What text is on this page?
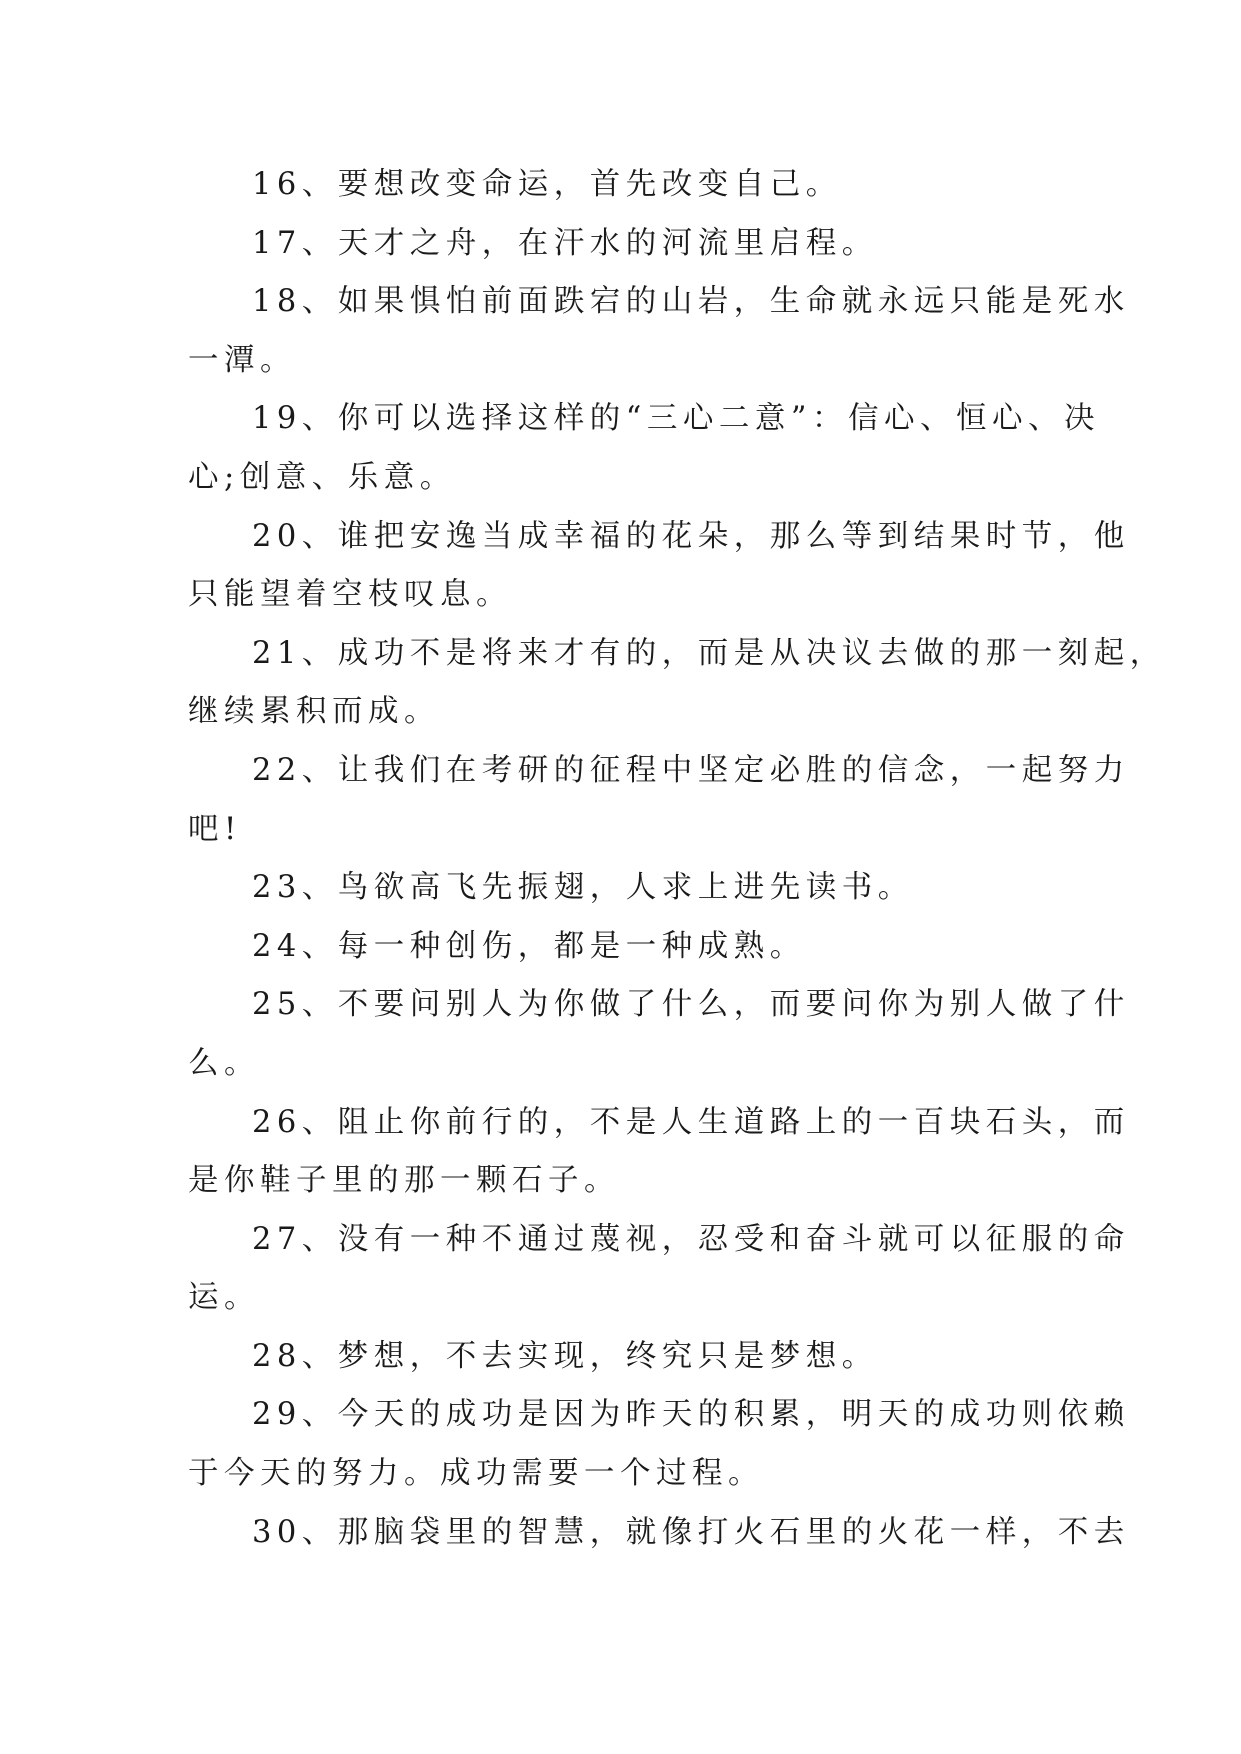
16、要想改变命运，首先改变自己。
17、天才之舟，在汗水的河流里启程。
18、如果惧怕前面跌宕的山岩，生命就永远只能是死水
一潭。
19、你可以选择这样的“三心二意”：信心、恒心、决
心;创意、乐意。
20、谁把安逸当成幸福的花朵，那么等到结果时节，他
只能望着空枝叹息。
21、成功不是将来才有的，而是从决议去做的那一刻起，
继续累积而成。
22、让我们在考研的征程中坚定必胜的信念，一起努力
吧!
23、鸟欲高飞先振翅，人求上进先读书。
24、每一种创伤，都是一种成熟。
25、不要问别人为你做了什么，而要问你为别人做了什
么。
26、阻止你前行的，不是人生道路上的一百块石头，而
是你鞋子里的那一颗石子。
27、没有一种不通过蔑视，忍受和奋斗就可以征服的命
运。
28、梦想，不去实现，终究只是梦想。
29、今天的成功是因为昨天的积累，明天的成功则依赖
于今天的努力。成功需要一个过程。
30、那脑袋里的智慧，就像打火石里的火花一样，不去
